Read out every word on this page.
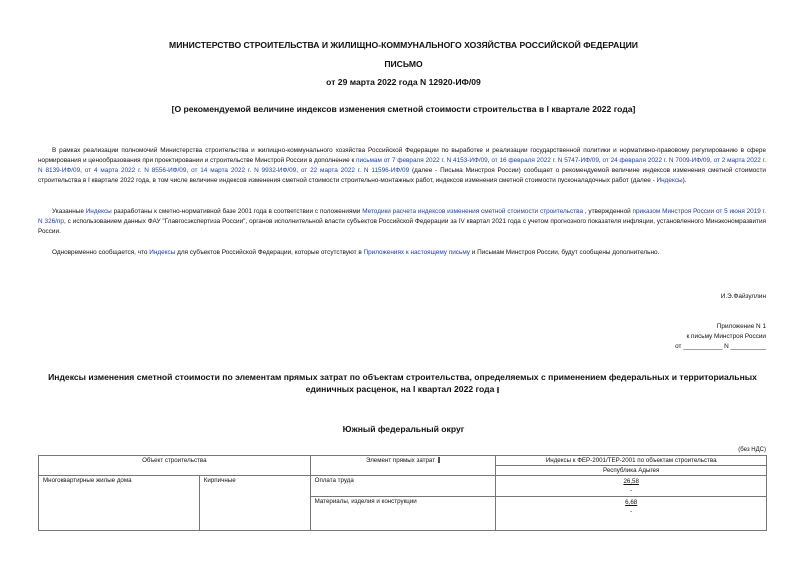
МИНИСТЕРСТВО СТРОИТЕЛЬСТВА И ЖИЛИЩНО-КОММУНАЛЬНОГО ХОЗЯЙСТВА РОССИЙСКОЙ ФЕДЕРАЦИИ
ПИСЬМО
от 29 марта 2022 года N 12920-ИФ/09
[О рекомендуемой величине индексов изменения сметной стоимости строительства в I квартале 2022 года]
В рамках реализации полномочий Министерства строительства и жилищно-коммунального хозяйства Российской Федерации по выработке и реализации государственной политики и нормативно-правовому регулированию в сфере нормирования и ценообразования при проектировании и строительстве Минстрой России в дополнение к письмам от 7 февраля 2022 г. N 4153-ИФ/09, от 16 февраля 2022 г. N 5747-ИФ/09, от 24 февраля 2022 г. N 7009-ИФ/09, от 2 марта 2022 г. N 8139-ИФ/09, от 4 марта 2022 г. N 8556-ИФ/09, от 14 марта 2022 г. N 9932-ИФ/09, от 22 марта 2022 г. N 11596-ИФ/09 (далее - Письма Минстроя России) сообщает о рекомендуемой величине индексов изменения сметной стоимости строительства в I квартале 2022 года, в том числе величине индексов изменения сметной стоимости строительно-монтажных работ, индексов изменения сметной стоимости пусконаладочных работ (далее - Индексы).
Указанные Индексы разработаны к сметно-нормативной базе 2001 года в соответствии с положениями Методики расчета индексов изменения сметной стоимости строительства , утвержденной приказом Минстроя России от 5 июня 2019 г. N 326/пр, с использованием данных ФАУ "Главгосэкспертиза России", органов исполнительной власти субъектов Российской Федерации за IV квартал 2021 года с учетом прогнозного показателя инфляции, установленного Минэкономразвития России.
Одновременно сообщается, что Индексы для субъектов Российской Федерации, которые отсутствуют в Приложениях к настоящему письму и Письмам Минстроя России, будут сообщены дополнительно.
И.Э.Файзуллин
Приложение N 1
к письму Минстроя России
от ___________ N __________
Индексы изменения сметной стоимости по элементам прямых затрат по объектам строительства, определяемых с применением федеральных и территориальных единичных расценок, на I квартал 2022 года
Южный федеральный округ
(без НДС)
Объект строительства		Элемент прямых затрат	Индексы к ФЕР-2001/ТЕР-2001 по объектам строительства
			Республика Адыгея
Многоквартирные жилые дома	Кирпичные	Оплата труда	26,58
-
		Материалы, изделия и конструкции	6,68
-
